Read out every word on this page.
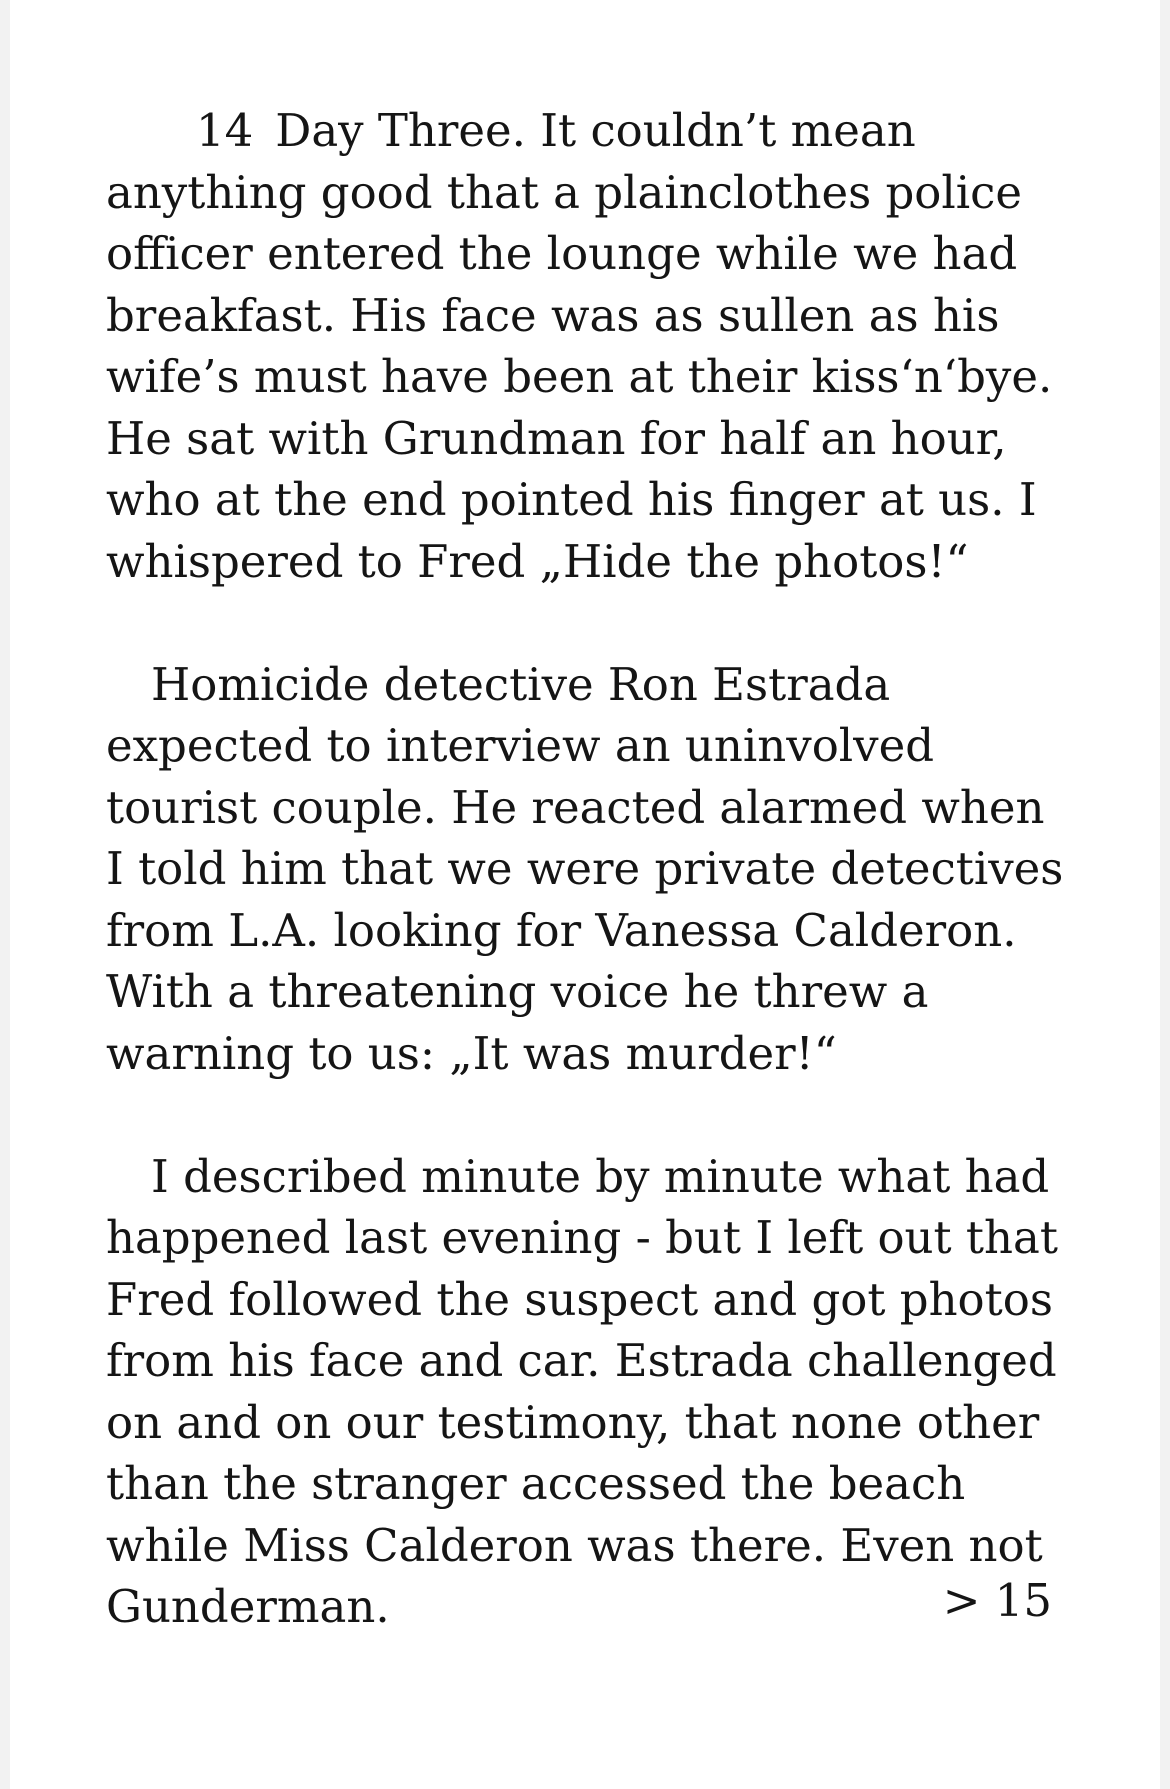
14 Day Three. It couldn’t mean anything good that a plainclothes police officer entered the lounge while we had breakfast. His face was as sullen as his wife’s must have been at their kiss‘n‘bye. He sat with Grundman for half an hour, who at the end pointed his finger at us. I whispered to Fred „Hide the photos!“

Homicide detective Ron Estrada expected to interview an uninvolved tourist couple. He reacted alarmed when I told him that we were private detectives from L.A. looking for Vanessa Calderon. With a threatening voice he threw a warning to us: „It was murder!“

I described minute by minute what had happened last evening - but I left out that Fred followed the suspect and got photos from his face and car. Estrada challenged on and on our testimony, that none other than the stranger accessed the beach while Miss Calderon was there. Even not Gunderman.	> 15
